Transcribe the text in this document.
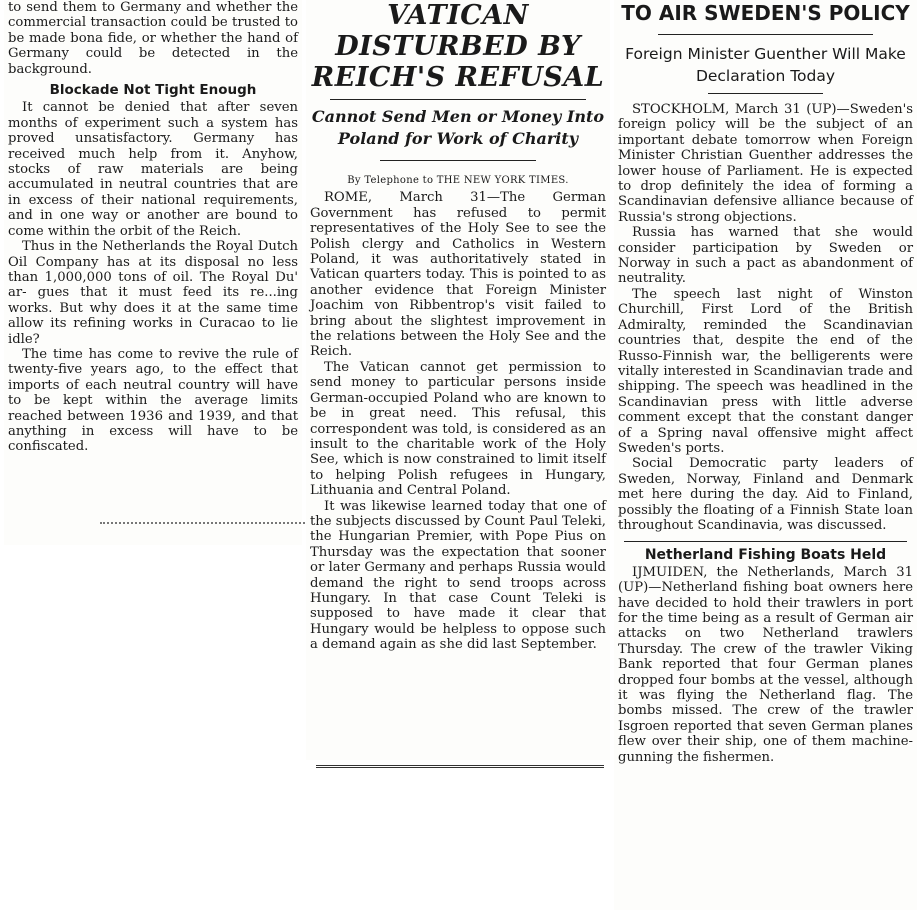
to send them to Germany and whether the commercial transaction could be trusted to be made bona fide, or whether the hand of Germany could be detected in the background.

Blockade Not Tight Enough

It cannot be denied that after seven months of experiment such a system has proved unsatisfactory. Germany has received much help from it. Anyhow, stocks of raw materials are being accumulated in neutral countries that are in excess of their national requirements, and in one way or another are bound to come within the orbit of the Reich.

Thus in the Netherlands the Royal Dutch Oil Company has at its disposal no less than 1,000,000 tons of oil. The Royal Du' ar- gues that it must feed its re...ing works. But why does it at the same time allow its refining works in Curacao to lie idle?

The time has come to revive the rule of twenty-five years ago, to the effect that imports of each neutral country will have to be kept within the average limits reached between 1936 and 1939, and that anything in excess will have to be confiscated.

VATICAN DISTURBED BY REICH'S REFUSAL
Cannot Send Men or Money Into Poland for Work of Charity
By Telephone to THE NEW YORK TIMES.

ROME, March 31—The German Government has refused to permit representatives of the Holy See to see the Polish clergy and Catholics in Western Poland, it was authoritatively stated in Vatican quarters today. This is pointed to as another evidence that Foreign Minister Joachim von Ribbentrop's visit failed to bring about the slightest improvement in the relations between the Holy See and the Reich.

The Vatican cannot get permission to send money to particular persons inside German-occupied Poland who are known to be in great need. This refusal, this correspondent was told, is considered as an insult to the charitable work of the Holy See, which is now constrained to limit itself to helping Polish refugees in Hungary, Lithuania and Central Poland.

It was likewise learned today that one of the subjects discussed by Count Paul Teleki, the Hungarian Premier, with Pope Pius on Thursday was the expectation that sooner or later Germany and perhaps Russia would demand the right to send troops across Hungary. In that case Count Teleki is supposed to have made it clear that Hungary would be helpless to oppose such a demand again as she did last September.

TO AIR SWEDEN'S POLICY
Foreign Minister Guenther Will Make Declaration Today

STOCKHOLM, March 31 (UP)—Sweden's foreign policy will be the subject of an important debate tomorrow when Foreign Minister Christian Guenther addresses the lower house of Parliament. He is expected to drop definitely the idea of forming a Scandinavian defensive alliance because of Russia's strong objections.

Russia has warned that she would consider participation by Sweden or Norway in such a pact as abandonment of neutrality.

The speech last night of Winston Churchill, First Lord of the British Admiralty, reminded the Scandinavian countries that, despite the end of the Russo-Finnish war, the belligerents were vitally interested in Scandinavian trade and shipping. The speech was headlined in the Scandinavian press with little adverse comment except that the constant danger of a Spring naval offensive might affect Sweden's ports.

Social Democratic party leaders of Sweden, Norway, Finland and Denmark met here during the day. Aid to Finland, possibly the floating of a Finnish State loan throughout Scandinavia, was discussed.

Netherland Fishing Boats Held

IJMUIDEN, the Netherlands, March 31 (UP)—Netherland fishing boat owners here have decided to hold their trawlers in port for the time being as a result of German air attacks on two Netherland trawlers Thursday. The crew of the trawler Viking Bank reported that four German planes dropped four bombs at the vessel, although it was flying the Netherland flag. The bombs missed. The crew of the trawler Isgroen reported that seven German planes flew over their ship, one of them machine-gunning the fishermen.
